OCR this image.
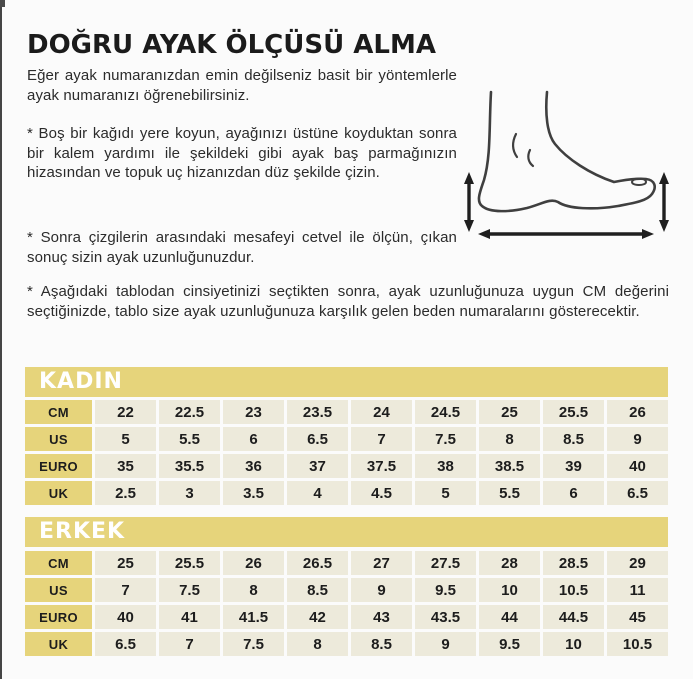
DOĞRU AYAK ÖLÇÜSÜ ALMA

Eğer ayak numaranızdan emin değilseniz basit bir yöntemlerle ayak numaranızı öğrenebilirsiniz.

* Boş bir kağıdı yere koyun, ayağınızı üstüne koyduktan sonra bir kalem yardımı ile şekildeki gibi ayak baş parmağınızın hizasından ve topuk uç hizanızdan düz şekilde çizin.

* Sonra çizgilerin arasındaki mesafeyi cetvel ile ölçün, çıkan sonuç sizin ayak uzunluğunuzdur.

* Aşağıdaki tablodan cinsiyetinizi seçtikten sonra, ayak uzunluğunuza uygun CM değerini seçtiğinizde, tablo size ayak uzunluğunuza karşılık gelen beden numaralarını gösterecektir.

KADIN
CM	22	22.5	23	23.5	24	24.5	25	25.5	26
US	5	5.5	6	6.5	7	7.5	8	8.5	9
EURO	35	35.5	36	37	37.5	38	38.5	39	40
UK	2.5	3	3.5	4	4.5	5	5.5	6	6.5
ERKEK
CM	25	25.5	26	26.5	27	27.5	28	28.5	29
US	7	7.5	8	8.5	9	9.5	10	10.5	11
EURO	40	41	41.5	42	43	43.5	44	44.5	45
UK	6.5	7	7.5	8	8.5	9	9.5	10	10.5
